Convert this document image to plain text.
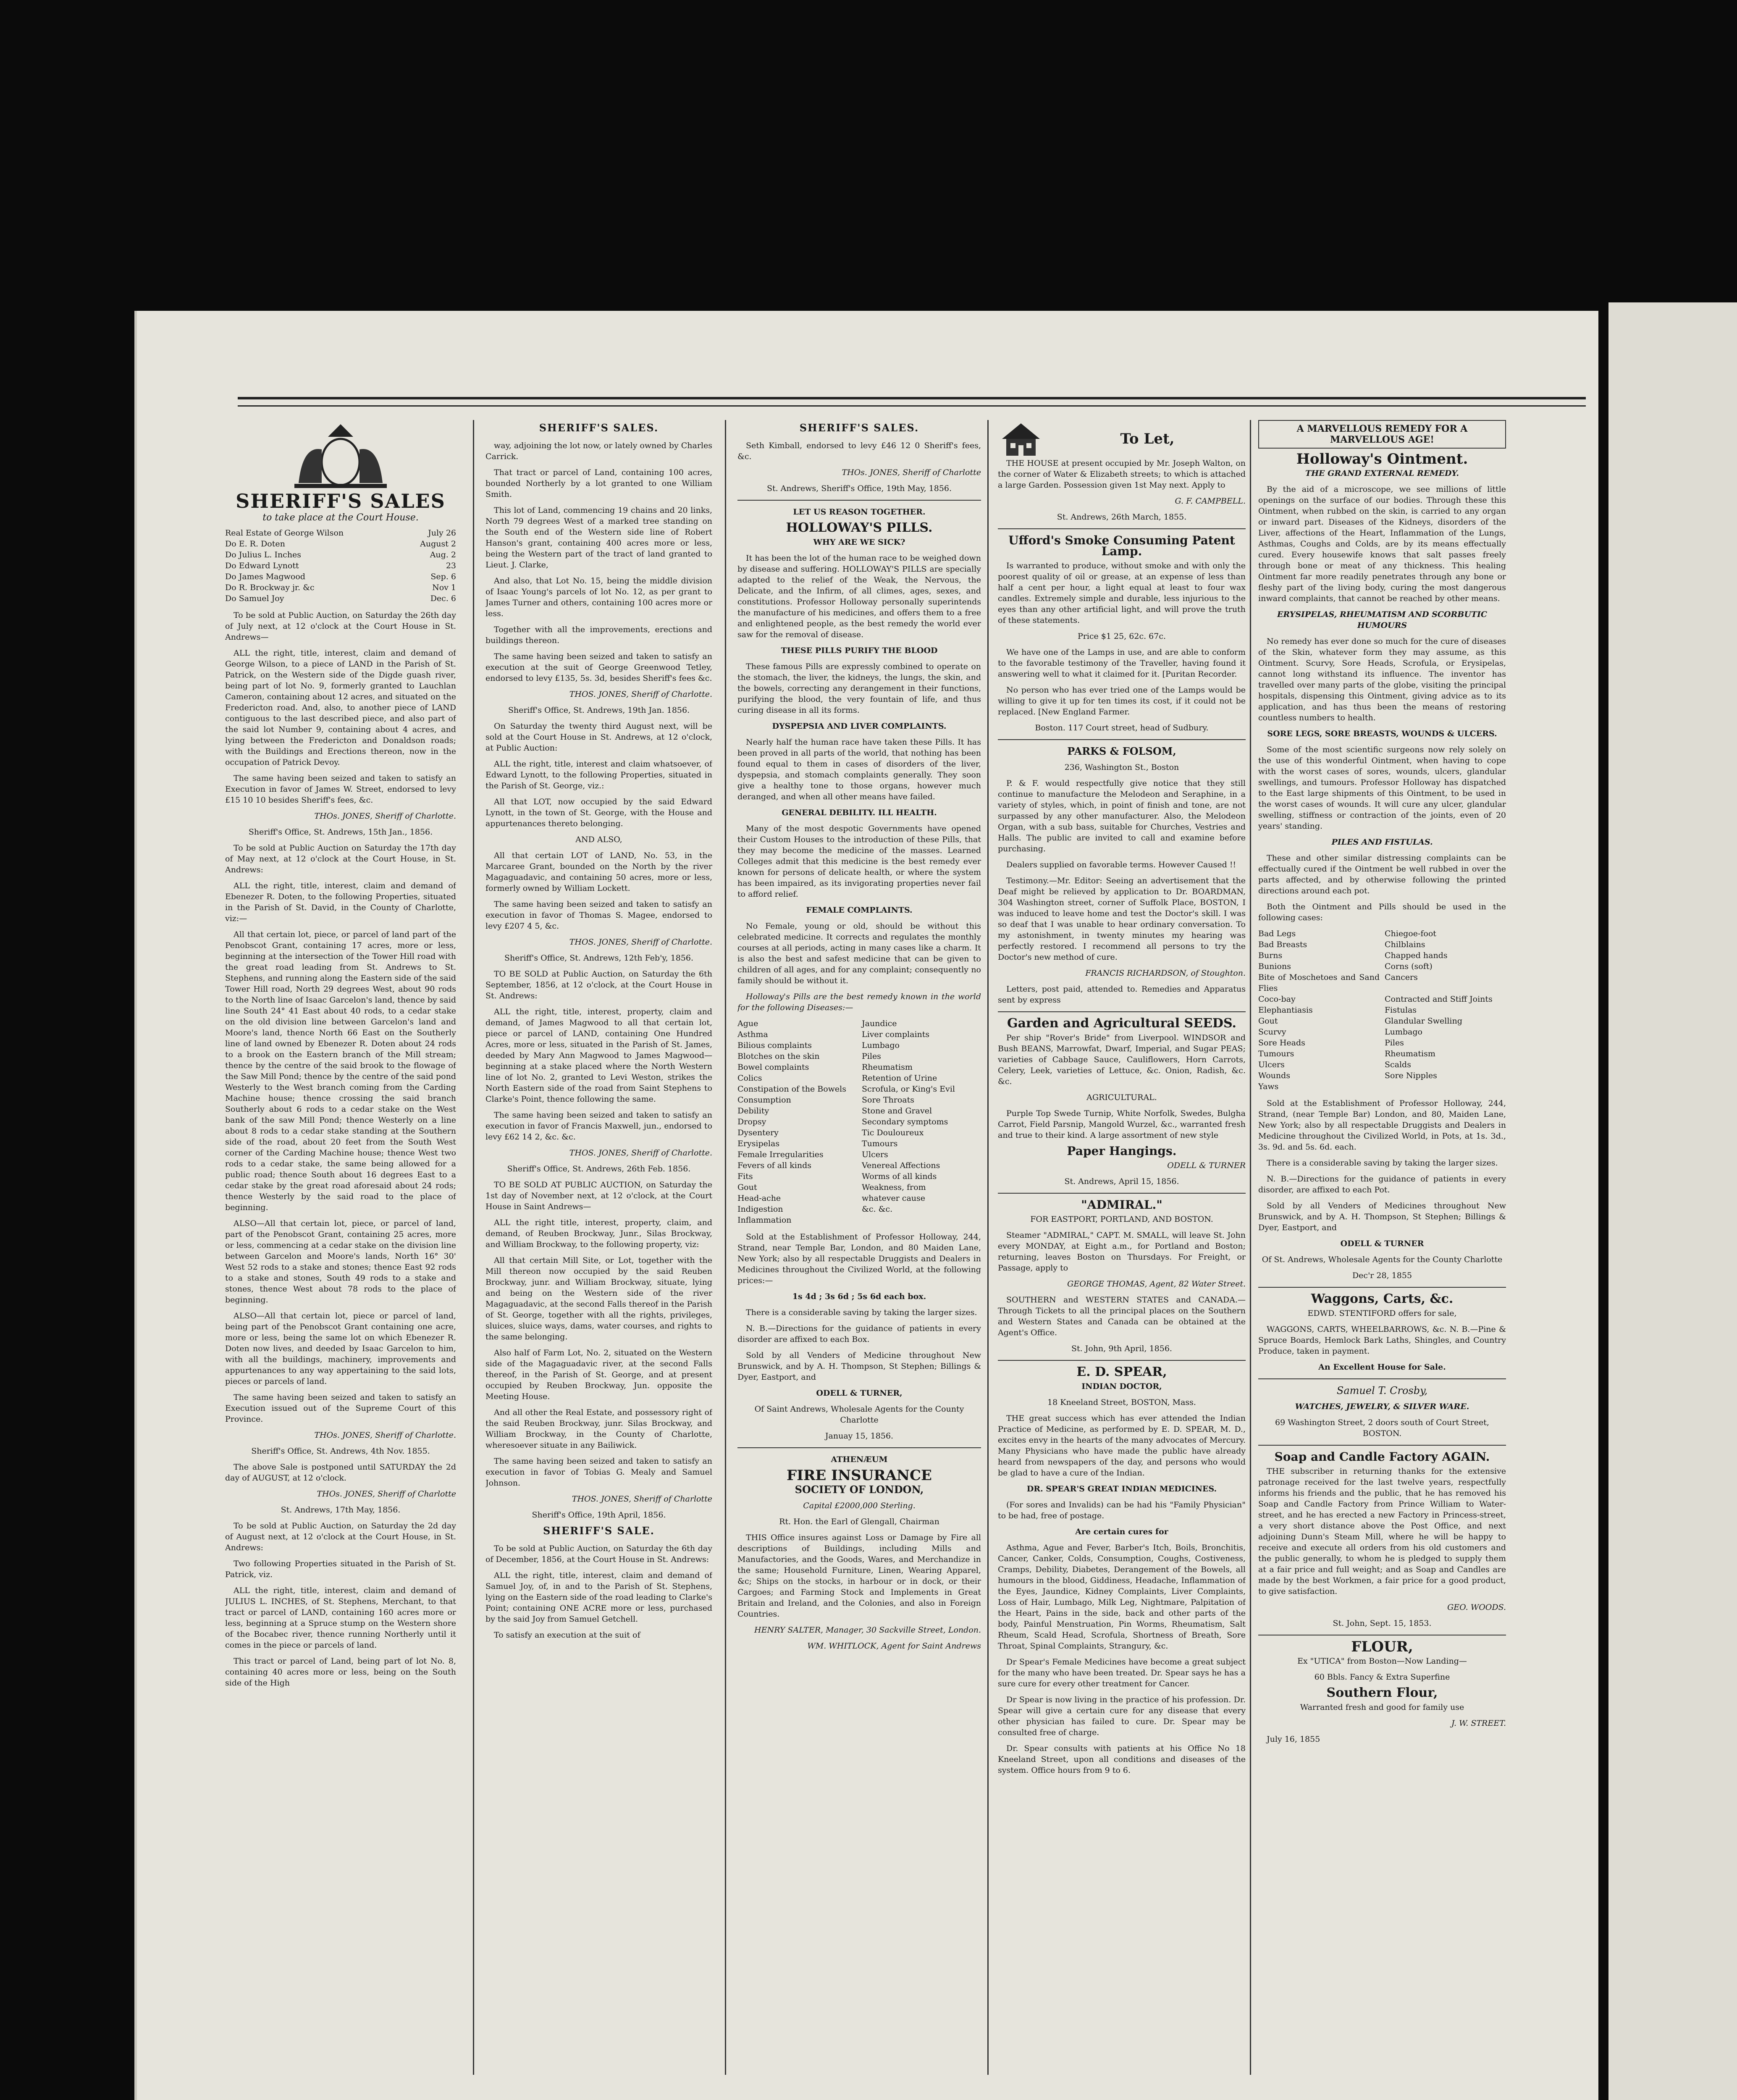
SHERIFF'S SALES
to take place at the Court House.
Real Estate of George Wilson	July 26
Do E. R. Doten	August 2
Do Julius L. Inches	Aug. 2
Do Edward Lynott	23
Do James Magwood	Sep. 6
Do R. Brockway jr. &c	Nov 1
Do Samuel Joy	Dec. 6

To be sold at Public Auction, on Saturday the 26th day of July next, at 12 o'clock at the Court House in St. Andrews—

ALL the right, title, interest, claim and demand of George Wilson, to a piece of LAND in the Parish of St. Patrick, on the Western side of the Digde guash river, being part of lot No. 9, formerly granted to Lauchlan Cameron, containing about 12 acres, and situated on the Fredericton road. And, also, to another piece of LAND contiguous to the last described piece, and also part of the said lot Number 9, containing about 4 acres, and lying between the Fredericton and Donaldson roads; with the Buildings and Erections thereon, now in the occupation of Patrick Devoy.

The same having been seized and taken to satisfy an Execution in favor of James W. Street, endorsed to levy £15 10 10 besides Sheriff's fees, &c.

THOs. JONES, Sheriff of Charlotte.

Sheriff's Office, St. Andrews, 15th Jan., 1856.

To be sold at Public Auction on Saturday the 17th day of May next, at 12 o'clock at the Court House, in St. Andrews:

ALL the right, title, interest, claim and demand of Ebenezer R. Doten, to the following Properties, situated in the Parish of St. David, in the County of Charlotte, viz:—

All that certain lot, piece, or parcel of land part of the Penobscot Grant, containing 17 acres, more or less, beginning at the intersection of the Tower Hill road with the great road leading from St. Andrews to St. Stephens, and running along the Eastern side of the said Tower Hill road, North 29 degrees West, about 90 rods to the North line of Isaac Garcelon's land, thence by said line South 24° 41 East about 40 rods, to a cedar stake on the old division line between Garcelon's land and Moore's land, thence North 66 East on the Southerly line of land owned by Ebenezer R. Doten about 24 rods to a brook on the Eastern branch of the Mill stream; thence by the centre of the said brook to the flowage of the Saw Mill Pond; thence by the centre of the said pond Westerly to the West branch coming from the Carding Machine house; thence crossing the said branch Southerly about 6 rods to a cedar stake on the West bank of the saw Mill Pond; thence Westerly on a line about 8 rods to a cedar stake standing at the Southern side of the road, about 20 feet from the South West corner of the Carding Machine house; thence West two rods to a cedar stake, the same being allowed for a public road; thence South about 16 degrees East to a cedar stake by the great road aforesaid about 24 rods; thence Westerly by the said road to the place of beginning.

ALSO—All that certain lot, piece, or parcel of land, part of the Penobscot Grant, containing 25 acres, more or less, commencing at a cedar stake on the division line between Garcelon and Moore's lands, North 16° 30' West 52 rods to a stake and stones; thence East 92 rods to a stake and stones, South 49 rods to a stake and stones, thence West about 78 rods to the place of beginning.

ALSO—All that certain lot, piece or parcel of land, being part of the Penobscot Grant containing one acre, more or less, being the same lot on which Ebenezer R. Doten now lives, and deeded by Isaac Garcelon to him, with all the buildings, machinery, improvements and appurtenances to any way appertaining to the said lots, pieces or parcels of land.

The same having been seized and taken to satisfy an Execution issued out of the Supreme Court of this Province.

THOs. JONES, Sheriff of Charlotte.

Sheriff's Office, St. Andrews, 4th Nov. 1855.

The above Sale is postponed until SATURDAY the 2d day of AUGUST, at 12 o'clock.

THOs. JONES, Sheriff of Charlotte

St. Andrews, 17th May, 1856.

To be sold at Public Auction, on Saturday the 2d day of August next, at 12 o'clock at the Court House, in St. Andrews:

Two following Properties situated in the Parish of St. Patrick, viz.

ALL the right, title, interest, claim and demand of JULIUS L. INCHES, of St. Stephens, Merchant, to that tract or parcel of LAND, containing 160 acres more or less, beginning at a Spruce stump on the Western shore of the Bocabec river, thence running Northerly until it comes in the piece or parcels of land.

This tract or parcel of Land, being part of lot No. 8, containing 40 acres more or less, being on the South side of the High

SHERIFF'S SALES.

way, adjoining the lot now, or lately owned by Charles Carrick.

That tract or parcel of Land, containing 100 acres, bounded Northerly by a lot granted to one William Smith.

This lot of Land, commencing 19 chains and 20 links, North 79 degrees West of a marked tree standing on the South end of the Western side line of Robert Hanson's grant, containing 400 acres more or less, being the Western part of the tract of land granted to Lieut. J. Clarke,

And also, that Lot No. 15, being the middle division of Isaac Young's parcels of lot No. 12, as per grant to James Turner and others, containing 100 acres more or less.

Together with all the improvements, erections and buildings thereon.

The same having been seized and taken to satisfy an execution at the suit of George Greenwood Tetley, endorsed to levy £135, 5s. 3d, besides Sheriff's fees &c.

THOS. JONES, Sheriff of Charlotte.

Sheriff's Office, St. Andrews, 19th Jan. 1856.

On Saturday the twenty third August next, will be sold at the Court House in St. Andrews, at 12 o'clock, at Public Auction:

ALL the right, title, interest and claim whatsoever, of Edward Lynott, to the following Properties, situated in the Parish of St. George, viz.:

All that LOT, now occupied by the said Edward Lynott, in the town of St. George, with the House and appurtenances thereto belonging.

AND ALSO,

All that certain LOT of LAND, No. 53, in the Marcaree Grant, bounded on the North by the river Magaguadavic, and containing 50 acres, more or less, formerly owned by William Lockett.

The same having been seized and taken to satisfy an execution in favor of Thomas S. Magee, endorsed to levy £207 4 5, &c.

THOS. JONES, Sheriff of Charlotte.

Sheriff's Office, St. Andrews, 12th Feb'y, 1856.

TO BE SOLD at Public Auction, on Saturday the 6th September, 1856, at 12 o'clock, at the Court House in St. Andrews:

ALL the right, title, interest, property, claim and demand, of James Magwood to all that certain lot, piece or parcel of LAND, containing One Hundred Acres, more or less, situated in the Parish of St. James, deeded by Mary Ann Magwood to James Magwood—beginning at a stake placed where the North Western line of lot No. 2, granted to Levi Weston, strikes the North Eastern side of the road from Saint Stephens to Clarke's Point, thence following the same.

The same having been seized and taken to satisfy an execution in favor of Francis Maxwell, jun., endorsed to levy £62 14 2, &c. &c.

THOS. JONES, Sheriff of Charlotte.

Sheriff's Office, St. Andrews, 26th Feb. 1856.

TO BE SOLD AT PUBLIC AUCTION, on Saturday the 1st day of November next, at 12 o'clock, at the Court House in Saint Andrews—

ALL the right title, interest, property, claim, and demand, of Reuben Brockway, Junr., Silas Brockway, and William Brockway, to the following property, viz:

All that certain Mill Site, or Lot, together with the Mill thereon now occupied by the said Reuben Brockway, junr. and William Brockway, situate, lying and being on the Western side of the river Magaguadavic, at the second Falls thereof in the Parish of St. George, together with all the rights, privileges, sluices, sluice ways, dams, water courses, and rights to the same belonging.

Also half of Farm Lot, No. 2, situated on the Western side of the Magaguadavic river, at the second Falls thereof, in the Parish of St. George, and at present occupied by Reuben Brockway, Jun. opposite the Meeting House.

And all other the Real Estate, and possessory right of the said Reuben Brockway, junr. Silas Brockway, and William Brockway, in the County of Charlotte, wheresoever situate in any Bailiwick.

The same having been seized and taken to satisfy an execution in favor of Tobias G. Mealy and Samuel Johnson.

THOS. JONES, Sheriff of Charlotte

Sheriff's Office, 19th April, 1856.

SHERIFF'S SALE.

To be sold at Public Auction, on Saturday the 6th day of December, 1856, at the Court House in St. Andrews:

ALL the right, title, interest, claim and demand of Samuel Joy, of, in and to the Parish of St. Stephens, lying on the Eastern side of the road leading to Clarke's Point; containing ONE ACRE more or less, purchased by the said Joy from Samuel Getchell.

To satisfy an execution at the suit of

SHERIFF'S SALES.

Seth Kimball, endorsed to levy £46 12 0 Sheriff's fees, &c.

THOs. JONES, Sheriff of Charlotte

St. Andrews, Sheriff's Office, 19th May, 1856.

LET US REASON TOGETHER.

HOLLOWAY'S PILLS.

WHY ARE WE SICK?

It has been the lot of the human race to be weighed down by disease and suffering. HOLLOWAY'S PILLS are specially adapted to the relief of the Weak, the Nervous, the Delicate, and the Infirm, of all climes, ages, sexes, and constitutions. Professor Holloway personally superintends the manufacture of his medicines, and offers them to a free and enlightened people, as the best remedy the world ever saw for the removal of disease.

THESE PILLS PURIFY THE BLOOD

These famous Pills are expressly combined to operate on the stomach, the liver, the kidneys, the lungs, the skin, and the bowels, correcting any derangement in their functions, purifying the blood, the very fountain of life, and thus curing disease in all its forms.

DYSPEPSIA AND LIVER COMPLAINTS.

Nearly half the human race have taken these Pills. It has been proved in all parts of the world, that nothing has been found equal to them in cases of disorders of the liver, dyspepsia, and stomach complaints generally. They soon give a healthy tone to those organs, however much deranged, and when all other means have failed.

GENERAL DEBILITY. ILL HEALTH.

Many of the most despotic Governments have opened their Custom Houses to the introduction of these Pills, that they may become the medicine of the masses. Learned Colleges admit that this medicine is the best remedy ever known for persons of delicate health, or where the system has been impaired, as its invigorating properties never fail to afford relief.

FEMALE COMPLAINTS.

No Female, young or old, should be without this celebrated medicine. It corrects and regulates the monthly courses at all periods, acting in many cases like a charm. It is also the best and safest medicine that can be given to children of all ages, and for any complaint; consequently no family should be without it.

Holloway's Pills are the best remedy known in the world for the following Diseases:—

Ague	Jaundice
Asthma	Liver complaints
Bilious complaints	Lumbago
Blotches on the skin	Piles
Bowel complaints	Rheumatism
Colics	Retention of Urine
Constipation of the Bowels	Scrofula, or King's Evil
Consumption	Sore Throats
Debility	Stone and Gravel
Dropsy	Secondary symptoms
Dysentery	Tic Douloureux
Erysipelas	Tumours
Female Irregularities	Ulcers
Fevers of all kinds	Venereal Affections
Fits	Worms of all kinds
Gout	Weakness, from
Head-ache	whatever cause
Indigestion	&c. &c.
Inflammation

Sold at the Establishment of Professor Holloway, 244, Strand, near Temple Bar, London, and 80 Maiden Lane, New York; also by all respectable Druggists and Dealers in Medicines throughout the Civilized World, at the following prices:—

1s 4d ; 3s 6d ; 5s 6d each box.

There is a considerable saving by taking the larger sizes.

N. B.—Directions for the guidance of patients in every disorder are affixed to each Box.

Sold by all Venders of Medicine throughout New Brunswick, and by A. H. Thompson, St Stephen; Billings & Dyer, Eastport, and

ODELL & TURNER,

Of Saint Andrews, Wholesale Agents for the County Charlotte

Januay 15, 1856.

ATHENÆUM

FIRE INSURANCE

SOCIETY OF LONDON,

Capital £2000,000 Sterling.

Rt. Hon. the Earl of Glengall, Chairman

THIS Office insures against Loss or Damage by Fire all descriptions of Buildings, including Mills and Manufactories, and the Goods, Wares, and Merchandize in the same; Household Furniture, Linen, Wearing Apparel, &c; Ships on the stocks, in harbour or in dock, or their Cargoes; and Farming Stock and Implements in Great Britain and Ireland, and the Colonies, and also in Foreign Countries.

HENRY SALTER, Manager, 30 Sackville Street, London.

WM. WHITLOCK, Agent for Saint Andrews

To Let,

THE HOUSE at present occupied by Mr. Joseph Walton, on the corner of Water & Elizabeth streets; to which is attached a large Garden. Possession given 1st May next. Apply to

G. F. CAMPBELL.

St. Andrews, 26th March, 1855.

Ufford's Smoke Consuming Patent Lamp.

Is warranted to produce, without smoke and with only the poorest quality of oil or grease, at an expense of less than half a cent per hour, a light equal at least to four wax candles. Extremely simple and durable, less injurious to the eyes than any other artificial light, and will prove the truth of these statements.

Price $1 25, 62c. 67c.

We have one of the Lamps in use, and are able to conform to the favorable testimony of the Traveller, having found it answering well to what it claimed for it. [Puritan Recorder.

No person who has ever tried one of the Lamps would be willing to give it up for ten times its cost, if it could not be replaced. [New England Farmer.

Boston. 117 Court street, head of Sudbury.

PARKS & FOLSOM,

236, Washington St., Boston

P. & F. would respectfully give notice that they still continue to manufacture the Melodeon and Seraphine, in a variety of styles, which, in point of finish and tone, are not surpassed by any other manufacturer. Also, the Melodeon Organ, with a sub bass, suitable for Churches, Vestries and Halls. The public are invited to call and examine before purchasing.

Dealers supplied on favorable terms. However Caused !!

Testimony.—Mr. Editor: Seeing an advertisement that the Deaf might be relieved by application to Dr. BOARDMAN, 304 Washington street, corner of Suffolk Place, BOSTON, I was induced to leave home and test the Doctor's skill. I was so deaf that I was unable to hear ordinary conversation. To my astonishment, in twenty minutes my hearing was perfectly restored. I recommend all persons to try the Doctor's new method of cure.

FRANCIS RICHARDSON, of Stoughton.

Letters, post paid, attended to. Remedies and Apparatus sent by express

Garden and Agricultural SEEDS.

Per ship "Rover's Bride" from Liverpool. WINDSOR and Bush BEANS, Marrowfat, Dwarf, Imperial, and Sugar PEAS; varieties of Cabbage Sauce, Cauliflowers, Horn Carrots, Celery, Leek, varieties of Lettuce, &c. Onion, Radish, &c. &c.

AGRICULTURAL.

Purple Top Swede Turnip, White Norfolk, Swedes, Bulgha Carrot, Field Parsnip, Mangold Wurzel, &c., warranted fresh and true to their kind. A large assortment of new style

Paper Hangings.

ODELL & TURNER

St. Andrews, April 15, 1856.

"ADMIRAL."

FOR EASTPORT, PORTLAND, AND BOSTON.

Steamer "ADMIRAL," CAPT. M. SMALL, will leave St. John every MONDAY, at Eight a.m., for Portland and Boston; returning, leaves Boston on Thursdays. For Freight, or Passage, apply to

GEORGE THOMAS, Agent, 82 Water Street.

SOUTHERN and WESTERN STATES and CANADA.—Through Tickets to all the principal places on the Southern and Western States and Canada can be obtained at the Agent's Office.

St. John, 9th April, 1856.

E. D. SPEAR,

INDIAN DOCTOR,

18 Kneeland Street, BOSTON, Mass.

THE great success which has ever attended the Indian Practice of Medicine, as performed by E. D. SPEAR, M. D., excites envy in the hearts of the many advocates of Mercury. Many Physicians who have made the public have already heard from newspapers of the day, and persons who would be glad to have a cure of the Indian.

DR. SPEAR'S GREAT INDIAN MEDICINES.

(For sores and Invalids) can be had his "Family Physician" to be had, free of postage.

Are certain cures for

Asthma, Ague and Fever, Barber's Itch, Boils, Bronchitis, Cancer, Canker, Colds, Consumption, Coughs, Costiveness, Cramps, Debility, Diabetes, Derangement of the Bowels, all humours in the blood, Giddiness, Headache, Inflammation of the Eyes, Jaundice, Kidney Complaints, Liver Complaints, Loss of Hair, Lumbago, Milk Leg, Nightmare, Palpitation of the Heart, Pains in the side, back and other parts of the body, Painful Menstruation, Pin Worms, Rheumatism, Salt Rheum, Scald Head, Scrofula, Shortness of Breath, Sore Throat, Spinal Complaints, Strangury, &c.

Dr Spear's Female Medicines have become a great subject for the many who have been treated. Dr. Spear says he has a sure cure for every other treatment for Cancer.

Dr Spear is now living in the practice of his profession. Dr. Spear will give a certain cure for any disease that every other physician has failed to cure. Dr. Spear may be consulted free of charge.

Dr. Spear consults with patients at his Office No 18 Kneeland Street, upon all conditions and diseases of the system. Office hours from 9 to 6.

A MARVELLOUS REMEDY FOR A MARVELLOUS AGE!

Holloway's Ointment.

THE GRAND EXTERNAL REMEDY.

By the aid of a microscope, we see millions of little openings on the surface of our bodies. Through these this Ointment, when rubbed on the skin, is carried to any organ or inward part. Diseases of the Kidneys, disorders of the Liver, affections of the Heart, Inflammation of the Lungs, Asthmas, Coughs and Colds, are by its means effectually cured. Every housewife knows that salt passes freely through bone or meat of any thickness. This healing Ointment far more readily penetrates through any bone or fleshy part of the living body, curing the most dangerous inward complaints, that cannot be reached by other means.

ERYSIPELAS, RHEUMATISM AND SCORBUTIC HUMOURS

No remedy has ever done so much for the cure of diseases of the Skin, whatever form they may assume, as this Ointment. Scurvy, Sore Heads, Scrofula, or Erysipelas, cannot long withstand its influence. The inventor has travelled over many parts of the globe, visiting the principal hospitals, dispensing this Ointment, giving advice as to its application, and has thus been the means of restoring countless numbers to health.

SORE LEGS, SORE BREASTS, WOUNDS & ULCERS.

Some of the most scientific surgeons now rely solely on the use of this wonderful Ointment, when having to cope with the worst cases of sores, wounds, ulcers, glandular swellings, and tumours. Professor Holloway has dispatched to the East large shipments of this Ointment, to be used in the worst cases of wounds. It will cure any ulcer, glandular swelling, stiffness or contraction of the joints, even of 20 years' standing.

PILES AND FISTULAS.

These and other similar distressing complaints can be effectually cured if the Ointment be well rubbed in over the parts affected, and by otherwise following the printed directions around each pot.

Both the Ointment and Pills should be used in the following cases:

Bad Legs	Chiegoe-foot
Bad Breasts	Chilblains
Burns	Chapped hands
Bunions	Corns (soft)
Bite of Moschetoes and Sand Flies
Cancers
Coco-bay	Contracted and Stiff Joints
Elephantiasis	Fistulas
Gout	Glandular Swelling
Scurvy	Lumbago
Sore Heads	Piles
Tumours	Rheumatism
Ulcers	Scalds
Wounds	Sore Nipples
Yaws

Sold at the Establishment of Professor Holloway, 244, Strand, (near Temple Bar) London, and 80, Maiden Lane, New York; also by all respectable Druggists and Dealers in Medicine throughout the Civilized World, in Pots, at 1s. 3d., 3s. 9d. and 5s. 6d. each.

There is a considerable saving by taking the larger sizes.

N. B.—Directions for the guidance of patients in every disorder, are affixed to each Pot.

Sold by all Venders of Medicines throughout New Brunswick, and by A. H. Thompson, St Stephen; Billings & Dyer, Eastport, and

ODELL & TURNER

Of St. Andrews, Wholesale Agents for the County Charlotte

Dec'r 28, 1855

Waggons, Carts, &c.

EDWD. STENTIFORD offers for sale,

WAGGONS, CARTS, WHEELBARROWS, &c. N. B.—Pine & Spruce Boards, Hemlock Bark Laths, Shingles, and Country Produce, taken in payment.

An Excellent House for Sale.

Samuel T. Crosby,

WATCHES, JEWELRY, & SILVER WARE.

69 Washington Street, 2 doors south of Court Street, BOSTON.

Soap and Candle Factory AGAIN.

THE subscriber in returning thanks for the extensive patronage received for the last twelve years, respectfully informs his friends and the public, that he has removed his Soap and Candle Factory from Prince William to Water-street, and he has erected a new Factory in Princess-street, a very short distance above the Post Office, and next adjoining Dunn's Steam Mill, where he will be happy to receive and execute all orders from his old customers and the public generally, to whom he is pledged to supply them at a fair price and full weight; and as Soap and Candles are made by the best Workmen, a fair price for a good product, to give satisfaction.

GEO. WOODS.

St. John, Sept. 15, 1853.

FLOUR,

Ex "UTICA" from Boston—Now Landing—

60 Bbls. Fancy & Extra Superfine

Southern Flour,

Warranted fresh and good for family use

J. W. STREET.

July 16, 1855
